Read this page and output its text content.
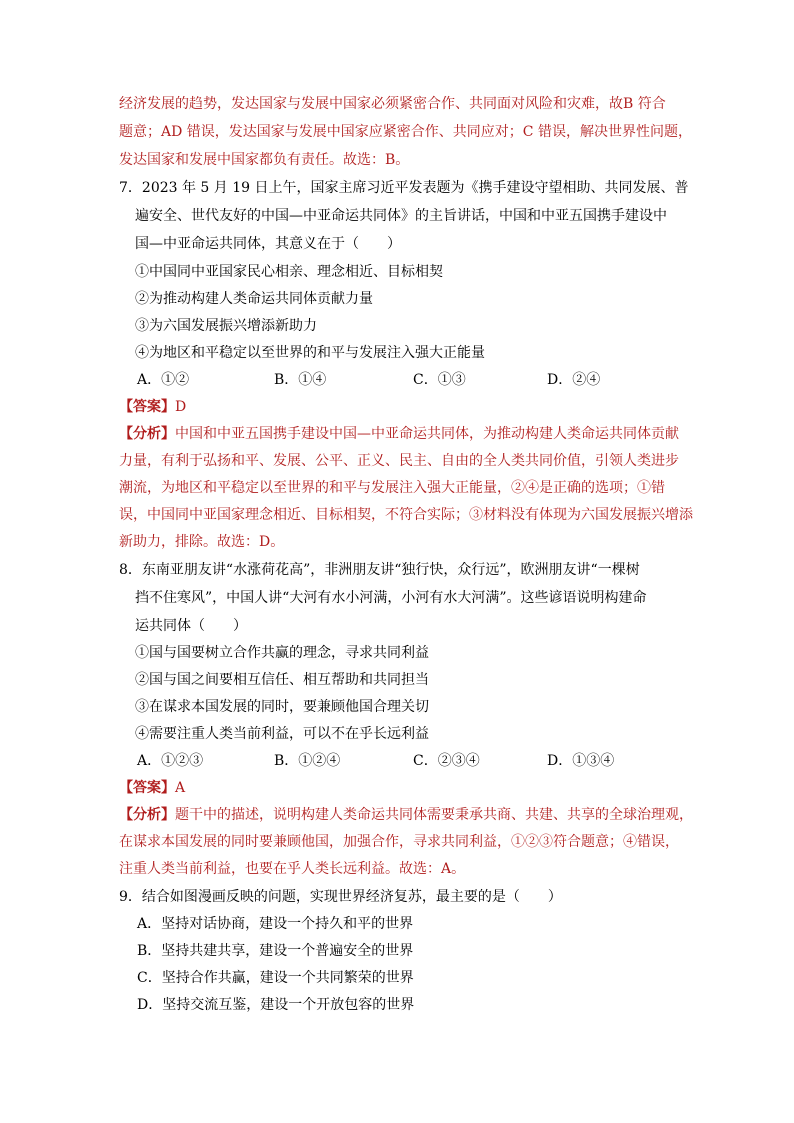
经济发展的趋势，发达国家与发展中国家必须紧密合作、共同面对风险和灾难，故B 符合
题意；AD 错误，发达国家与发展中国家应紧密合作、共同应对；C 错误，解决世界性问题，
发达国家和发展中国家都负有责任。故选：B。
7．2023 年 5 月 19 日上午，国家主席习近平发表题为《携手建设守望相助、共同发展、普
遍安全、世代友好的中国—中亚命运共同体》的主旨讲话，中国和中亚五国携手建设中
国—中亚命运共同体，其意义在于（　　）
①中国同中亚国家民心相亲、理念相近、目标相契
②为推动构建人类命运共同体贡献力量
③为六国发展振兴增添新助力
④为地区和平稳定以至世界的和平与发展注入强大正能量
A．①②	B．①④	C．①③	D．②④
【答案】D
【分析】中国和中亚五国携手建设中国—中亚命运共同体，为推动构建人类命运共同体贡献
力量，有利于弘扬和平、发展、公平、正义、民主、自由的全人类共同价值，引领人类进步
潮流，为地区和平稳定以至世界的和平与发展注入强大正能量，②④是正确的选项；①错
误，中国同中亚国家理念相近、目标相契，不符合实际；③材料没有体现为六国发展振兴增添
新助力，排除。故选：D。
8．东南亚朋友讲“水涨荷花高”，非洲朋友讲“独行快，众行远”，欧洲朋友讲“一棵树
挡不住寒风”，中国人讲“大河有水小河满，小河有水大河满”。这些谚语说明构建命
运共同体（　　）
①国与国要树立合作共赢的理念，寻求共同利益
②国与国之间要相互信任、相互帮助和共同担当
③在谋求本国发展的同时，要兼顾他国合理关切
④需要注重人类当前利益，可以不在乎长远利益
A．①②③	B．①②④	C．②③④	D．①③④
【答案】A
【分析】题干中的描述，说明构建人类命运共同体需要秉承共商、共建、共享的全球治理观，
在谋求本国发展的同时要兼顾他国，加强合作，寻求共同利益，①②③符合题意；④错误，
注重人类当前利益，也要在乎人类长远利益。故选：A。
9．结合如图漫画反映的问题，实现世界经济复苏，最主要的是（　　）
A．坚持对话协商，建设一个持久和平的世界
B．坚持共建共享，建设一个普遍安全的世界
C．坚持合作共赢，建设一个共同繁荣的世界
D．坚持交流互鉴，建设一个开放包容的世界
